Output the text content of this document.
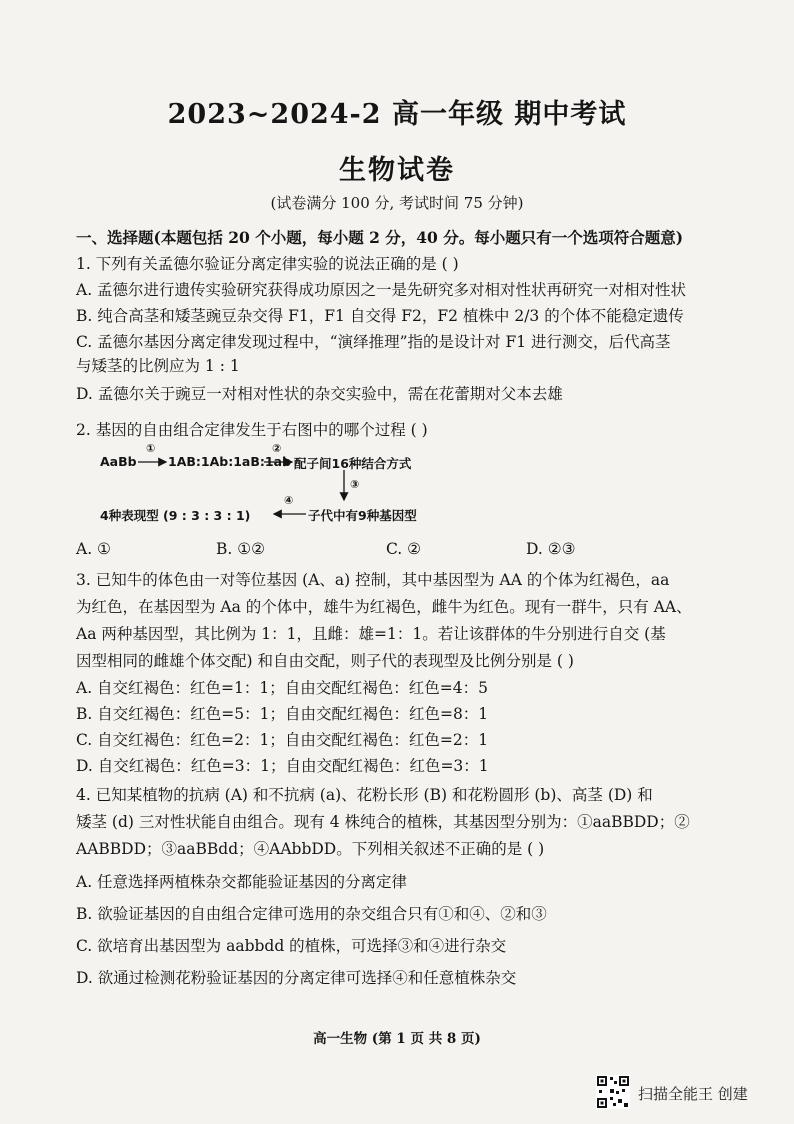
2023~2024-2 高一年级 期中考试
生物试卷
(试卷满分 100 分, 考试时间 75 分钟)
一、选择题(本题包括 20 个小题，每小题 2 分，40 分。每小题只有一个选项符合题意)
1. 下列有关孟德尔验证分离定律实验的说法正确的是 ( )
A. 孟德尔进行遗传实验研究获得成功原因之一是先研究多对相对性状再研究一对相对性状
B. 纯合高茎和矮茎豌豆杂交得 F1，F1 自交得 F2，F2 植株中 2/3 的个体不能稳定遗传
C. 孟德尔基因分离定律发现过程中，“演绎推理”指的是设计对 F1 进行测交，后代高茎
与矮茎的比例应为 1 : 1
D. 孟德尔关于豌豆一对相对性状的杂交实验中，需在花蕾期对父本去雄
2. 基因的自由组合定律发生于右图中的哪个过程 ( )
AaBb
①
1AB:1Ab:1aB:1ab
②
配子间16种结合方式
③
子代中有9种基因型
④
4种表现型 (9 : 3 : 3 : 1)
A. ①	B. ①②	C. ②	D. ②③
3. 已知牛的体色由一对等位基因 (A、a) 控制，其中基因型为 AA 的个体为红褐色，aa
为红色，在基因型为 Aa 的个体中，雄牛为红褐色，雌牛为红色。现有一群牛，只有 AA、
Aa 两种基因型，其比例为 1：1，且雌：雄=1：1。若让该群体的牛分别进行自交 (基
因型相同的雌雄个体交配) 和自由交配，则子代的表现型及比例分别是 ( )
A. 自交红褐色：红色=1：1；自由交配红褐色：红色=4：5
B. 自交红褐色：红色=5：1；自由交配红褐色：红色=8：1
C. 自交红褐色：红色=2：1；自由交配红褐色：红色=2：1
D. 自交红褐色：红色=3：1；自由交配红褐色：红色=3：1
4. 已知某植物的抗病 (A) 和不抗病 (a)、花粉长形 (B) 和花粉圆形 (b)、高茎 (D) 和
矮茎 (d) 三对性状能自由组合。现有 4 株纯合的植株，其基因型分别为：①aaBBDD；②
AABBDD；③aaBBdd；④AAbbDD。下列相关叙述不正确的是 ( )
A. 任意选择两植株杂交都能验证基因的分离定律
B. 欲验证基因的自由组合定律可选用的杂交组合只有①和④、②和③
C. 欲培育出基因型为 aabbdd 的植株，可选择③和④进行杂交
D. 欲通过检测花粉验证基因的分离定律可选择④和任意植株杂交
高一生物 (第 1 页 共 8 页)
扫描全能王 创建
